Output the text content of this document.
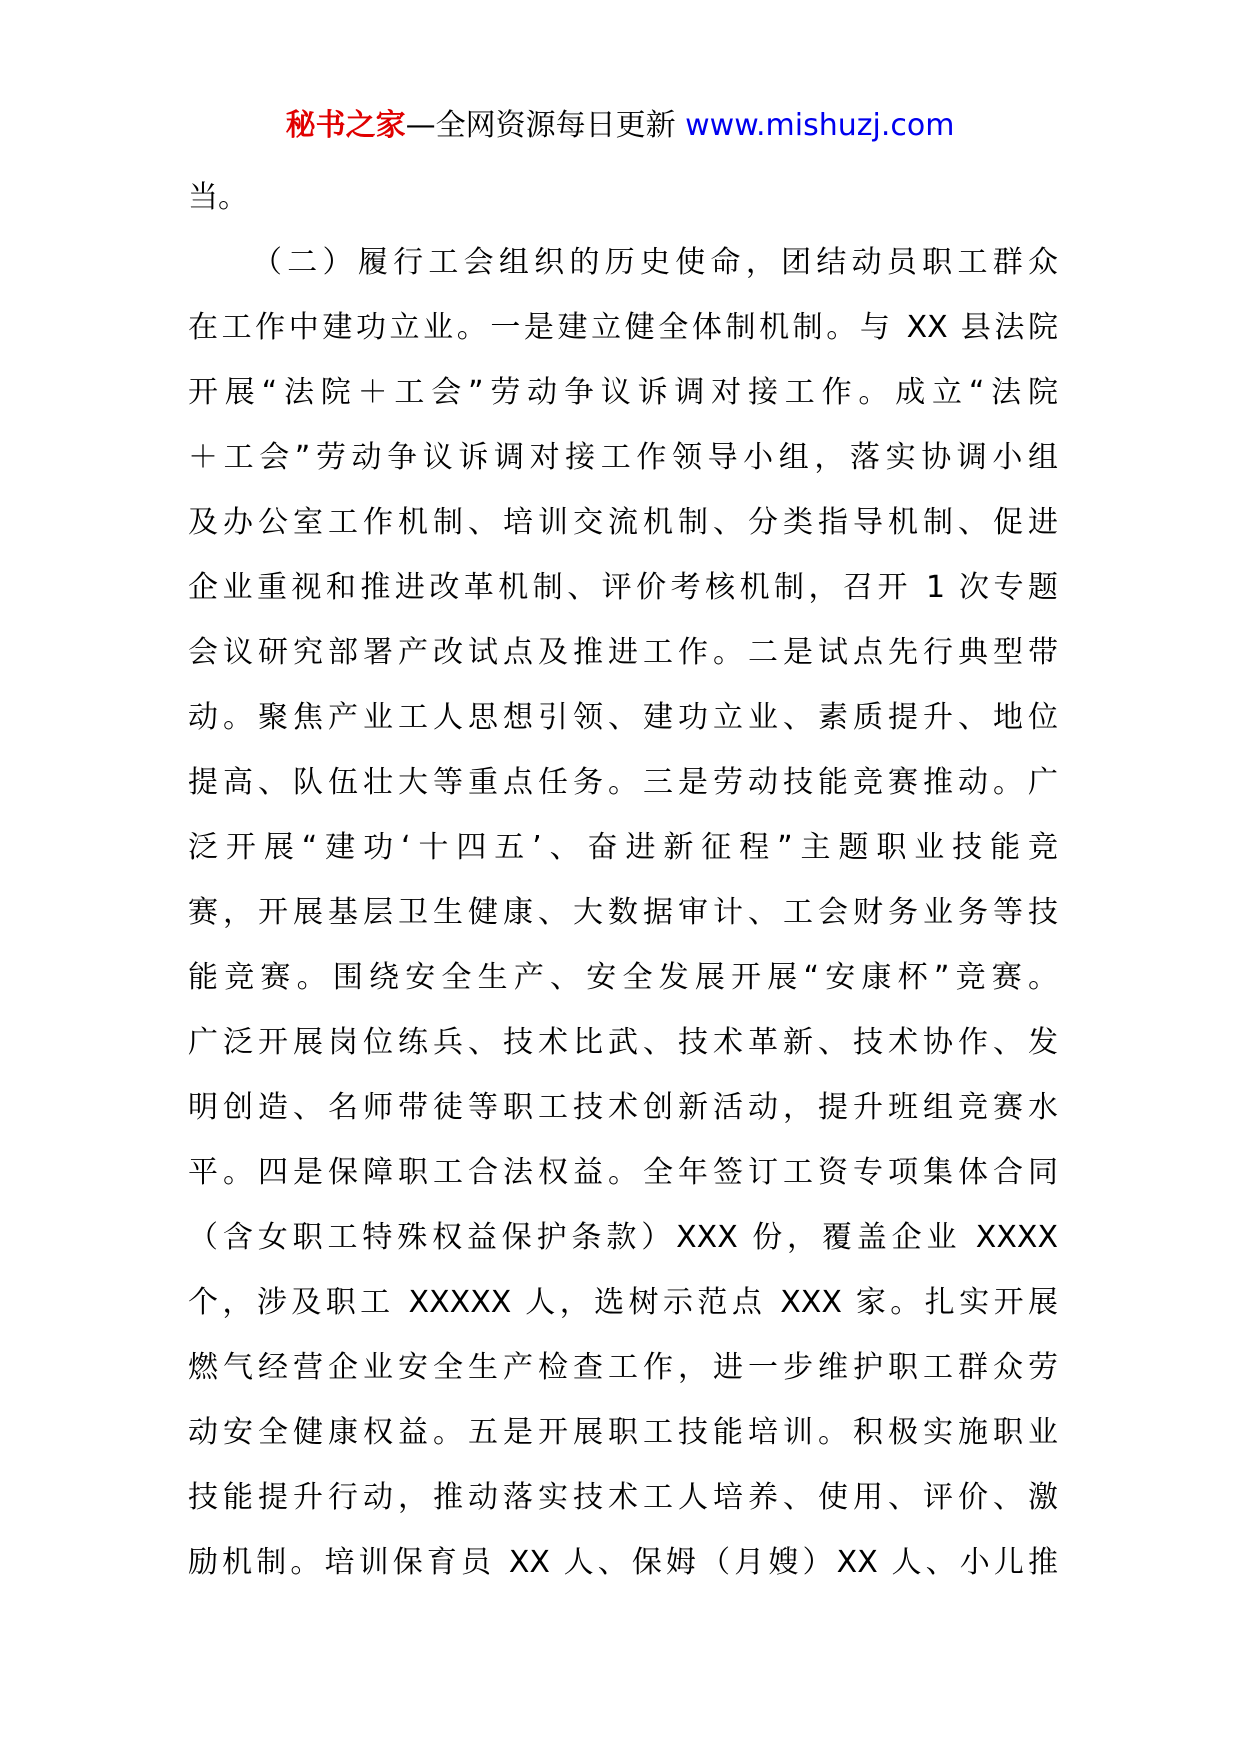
秘书之家—全网资源每日更新 www.mishuzj.com
当。
（二）履行工会组织的历史使命，团结动员职工群众
在工作中建功立业。一是建立健全体制机制。与 XX 县法院
开展“法院＋工会”劳动争议诉调对接工作。成立“法院
＋工会”劳动争议诉调对接工作领导小组，落实协调小组
及办公室工作机制、培训交流机制、分类指导机制、促进
企业重视和推进改革机制、评价考核机制，召开 1 次专题
会议研究部署产改试点及推进工作。二是试点先行典型带
动。聚焦产业工人思想引领、建功立业、素质提升、地位
提高、队伍壮大等重点任务。三是劳动技能竞赛推动。广
泛开展“建功‘十四五’、奋进新征程”主题职业技能竞
赛，开展基层卫生健康、大数据审计、工会财务业务等技
能竞赛。围绕安全生产、安全发展开展“安康杯”竞赛。
广泛开展岗位练兵、技术比武、技术革新、技术协作、发
明创造、名师带徒等职工技术创新活动，提升班组竞赛水
平。四是保障职工合法权益。全年签订工资专项集体合同
（含女职工特殊权益保护条款）XXX 份，覆盖企业 XXXX
个，涉及职工 XXXXX 人，选树示范点 XXX 家。扎实开展
燃气经营企业安全生产检查工作，进一步维护职工群众劳
动安全健康权益。五是开展职工技能培训。积极实施职业
技能提升行动，推动落实技术工人培养、使用、评价、激
励机制。培训保育员 XX 人、保姆（月嫂）XX 人、小儿推
